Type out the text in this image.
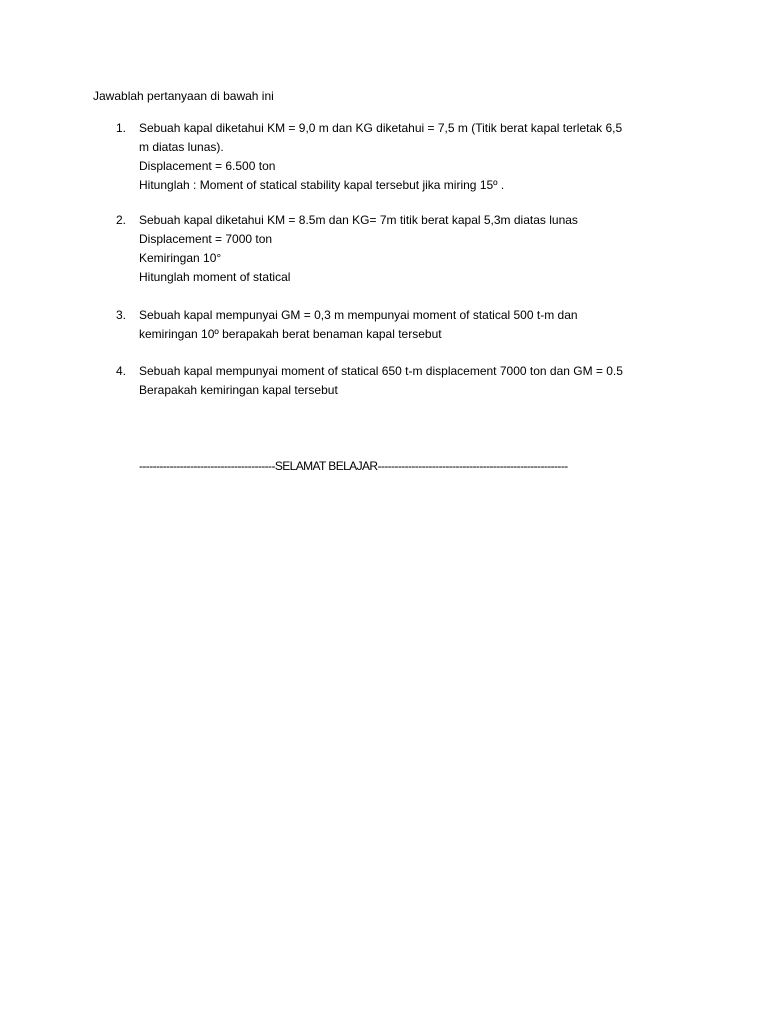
Jawablah pertanyaan di bawah ini
1. Sebuah kapal diketahui KM = 9,0 m dan KG diketahui = 7,5 m (Titik berat kapal terletak 6,5
m diatas lunas).
Displacement = 6.500 ton
Hitunglah : Moment of statical stability kapal tersebut jika miring 15º .
2. Sebuah kapal diketahui KM = 8.5m dan KG= 7m titik berat kapal 5,3m diatas lunas
Displacement = 7000 ton
Kemiringan 10°
Hitunglah moment of statical
3. Sebuah kapal mempunyai GM = 0,3 m mempunyai moment of statical 500 t-m dan
kemiringan 10º berapakah berat benaman kapal tersebut
4. Sebuah kapal mempunyai moment of statical 650 t-m displacement 7000 ton dan GM = 0.5
Berapakah kemiringan kapal tersebut
----------------------------------------SELAMAT BELAJAR--------------------------------------------------------
